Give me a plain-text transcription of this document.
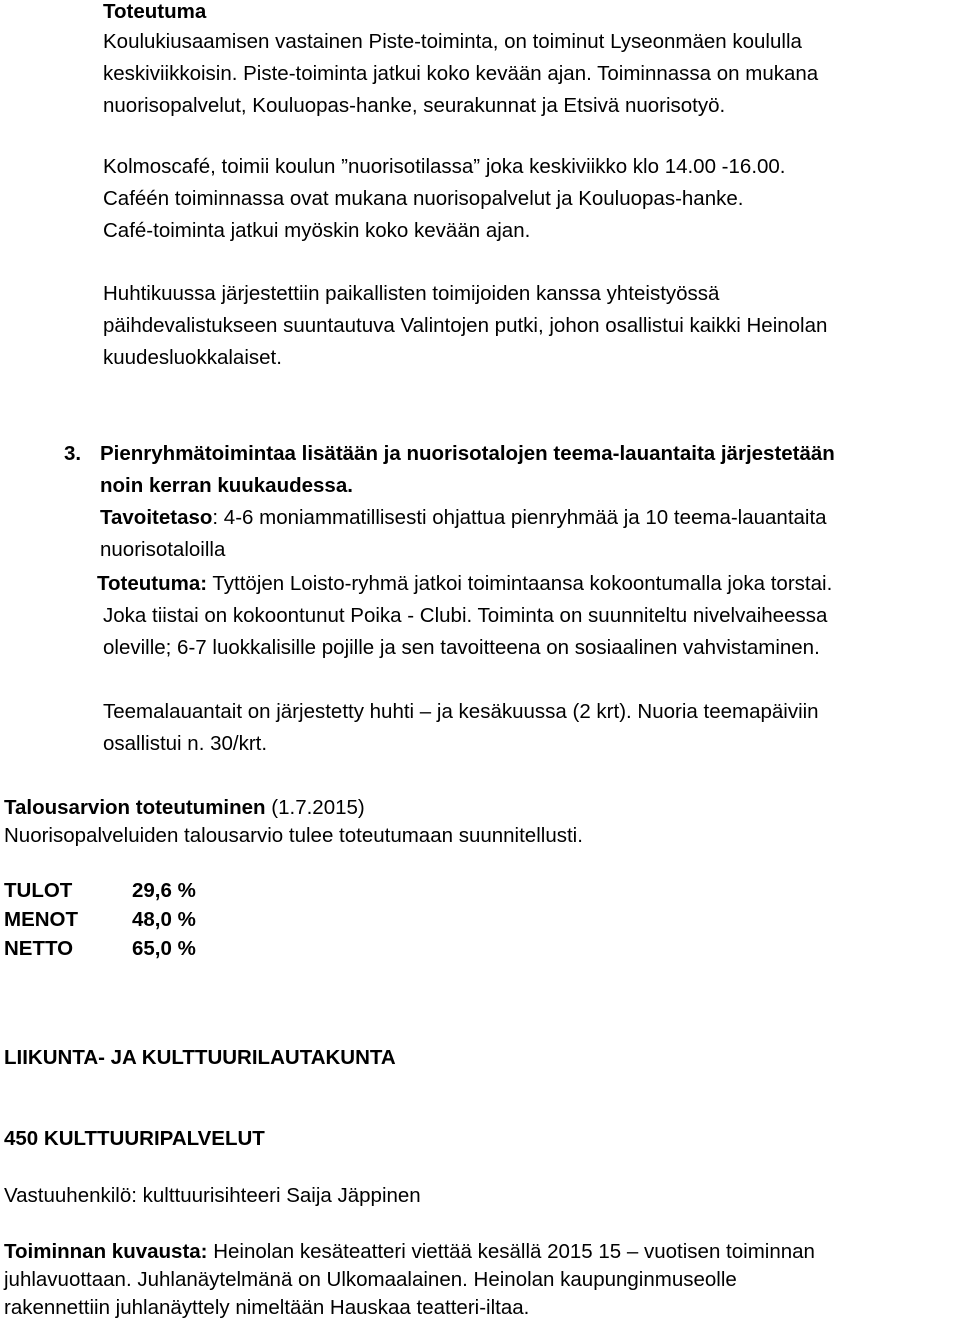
Toteutuma
Koulukiusaamisen vastainen Piste-toiminta, on toiminut Lyseonmäen koululla
keskiviikkoisin. Piste-toiminta jatkui koko kevään ajan. Toiminnassa on mukana
nuorisopalvelut, Kouluopas-hanke, seurakunnat ja Etsivä nuorisotyö.
Kolmoscafé, toimii koulun ”nuorisotilassa” joka keskiviikko klo 14.00 -16.00.
Caféén toiminnassa ovat mukana nuorisopalvelut ja Kouluopas-hanke.
Café-toiminta jatkui myöskin koko kevään ajan.
Huhtikuussa järjestettiin paikallisten toimijoiden kanssa yhteistyössä
päihdevalistukseen suuntautuva Valintojen putki, johon osallistui kaikki Heinolan
kuudesluokkalaiset.
3. Pienryhmätoimintaa lisätään ja nuorisotalojen teema-lauantaita järjestetään
noin kerran kuukaudessa.
Tavoitetaso: 4-6 moniammatillisesti ohjattua pienryhmää ja 10 teema-lauantaita
nuorisotaloilla
Toteutuma: Tyttöjen Loisto-ryhmä jatkoi toimintaansa kokoontumalla joka torstai.
Joka tiistai on kokoontunut Poika - Clubi. Toiminta on suunniteltu nivelvaiheessa
oleville; 6-7 luokkalisille pojille ja sen tavoitteena on sosiaalinen vahvistaminen.
Teemalauantait on järjestetty huhti – ja kesäkuussa (2 krt). Nuoria teemapäiviin
osallistui n. 30/krt.
Talousarvion toteutuminen (1.7.2015)
Nuorisopalveluiden talousarvio tulee toteutumaan suunnitellusti.
TULOT	29,6 %
MENOT	48,0 %
NETTO	65,0 %
LIIKUNTA- JA KULTTUURILAUTAKUNTA
450 KULTTUURIPALVELUT
Vastuuhenkilö: kulttuurisihteeri Saija Jäppinen
Toiminnan kuvausta: Heinolan kesäteatteri viettää kesällä 2015 15 – vuotisen toiminnan
juhlavuottaan. Juhlanäytelmänä on Ulkomaalainen. Heinolan kaupunginmuseolle
rakennettiin juhlanäyttely nimeltään Hauskaa teatteri-iltaa.
